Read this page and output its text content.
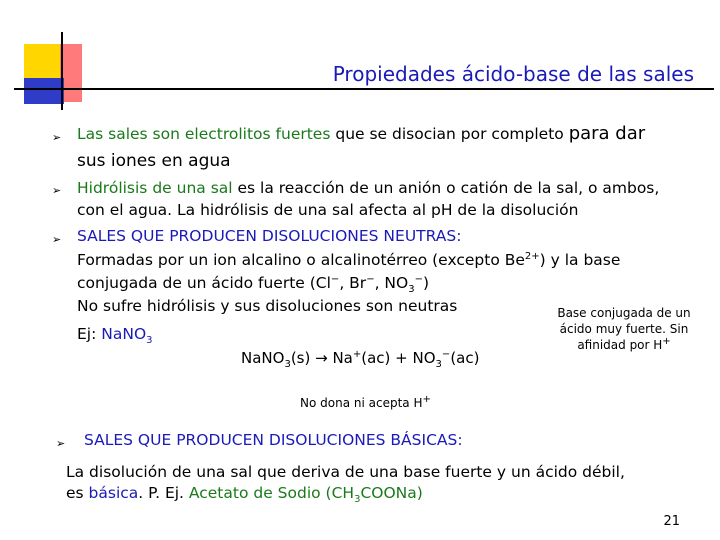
Propiedades ácido-base de las sales
➢ Las sales son electrolitos fuertes que se disocian por completo para dar
sus iones en agua
➢ Hidrólisis de una sal es la reacción de un anión o catión de la sal, o ambos,
con el agua. La hidrólisis de una sal afecta al pH de la disolución
➢ SALES QUE PRODUCEN DISOLUCIONES NEUTRAS:
Formadas por un ion alcalino o alcalinotérreo (excepto $Be^{2+}$) y la base
conjugada de un ácido fuerte (Cl−, Br−, $NO_3^-$)
No sufre hidrólisis y sus disoluciones son neutras
Ej: NaNO$_3$
Base conjugada de un
ácido muy fuerte. Sin
afinidad por H+
NaNO$_3$(s) → $Na^+(ac) + NO_3^-(ac)$
No dona ni acepta H+
➢ SALES QUE PRODUCEN DISOLUCIONES BÁSICAS:
La disolución de una sal que deriva de una base fuerte y un ácido débil,
es básica. P. Ej. Acetato de Sodio $(CH_3COONa)$
21
